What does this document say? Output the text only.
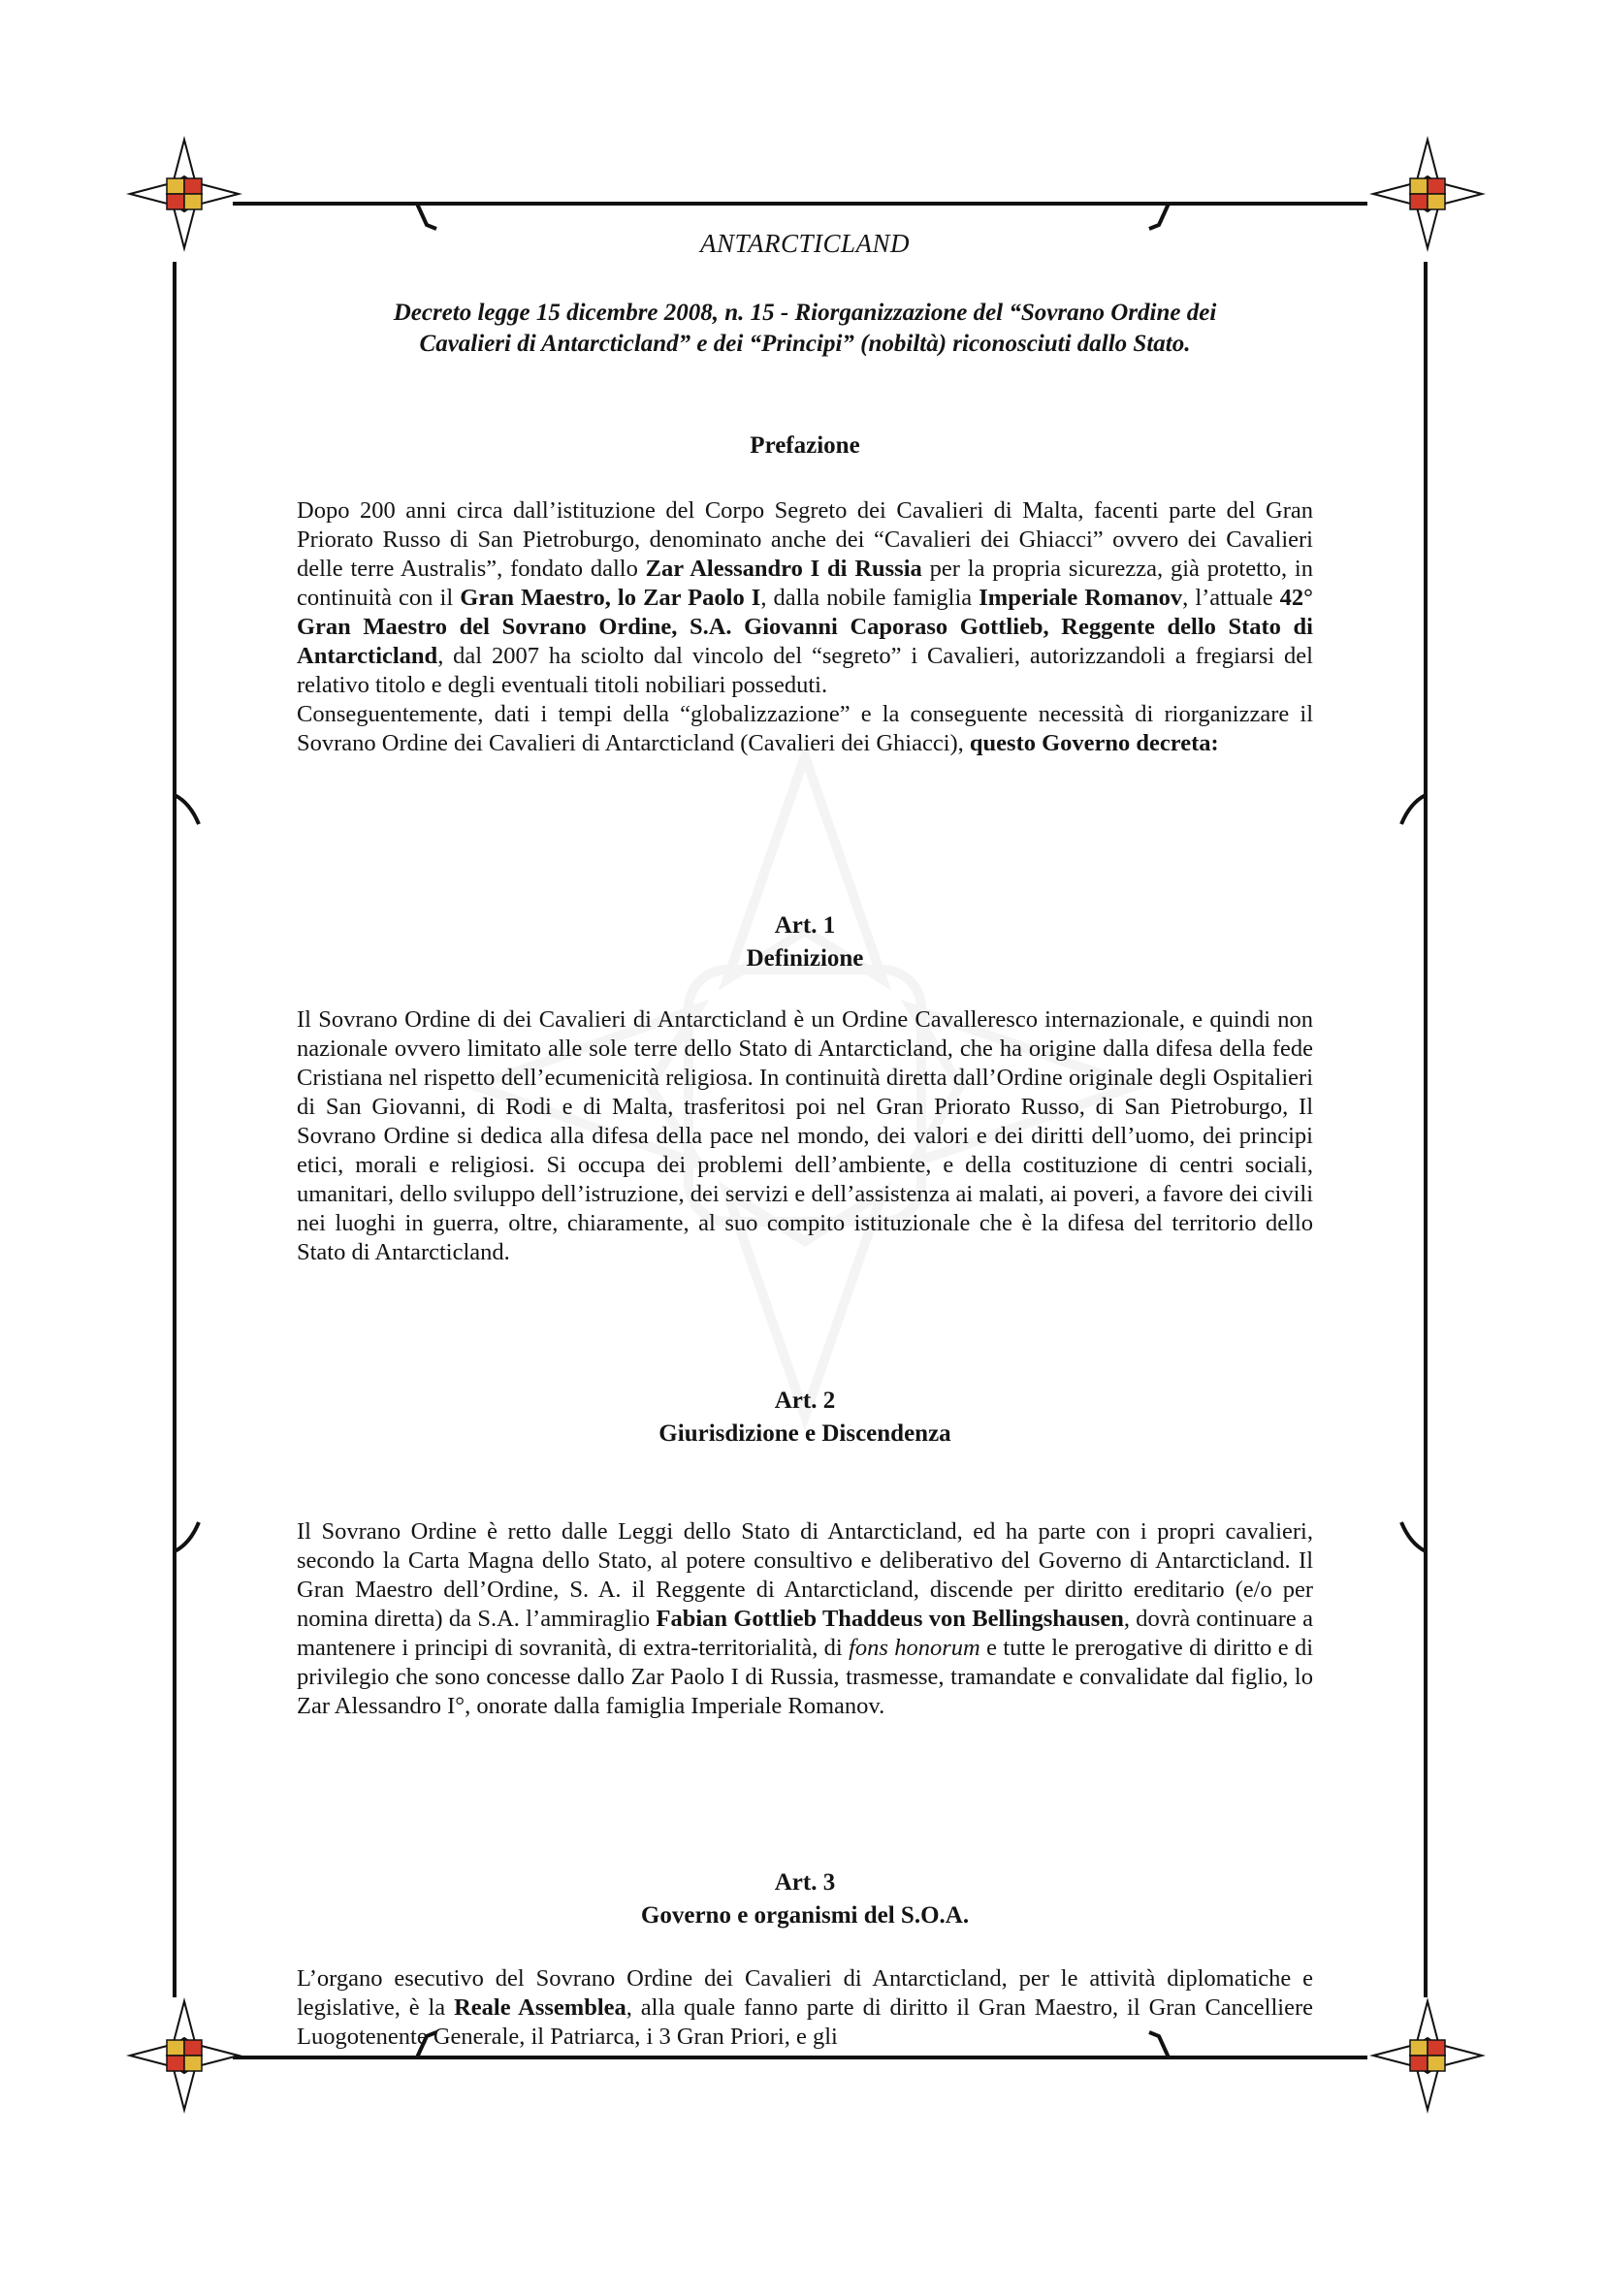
ANTARCTICLAND
Decreto legge 15 dicembre 2008, n. 15 - Riorganizzazione del “Sovrano Ordine dei
Cavalieri di Antarcticland” e dei “Principi” (nobiltà) riconosciuti dallo Stato.
Prefazione

Dopo 200 anni circa dall’istituzione del Corpo Segreto dei Cavalieri di Malta, facenti parte del Gran Priorato Russo di San Pietroburgo, denominato anche dei “Cavalieri dei Ghiacci” ovvero dei Cavalieri delle terre Australis”, fondato dallo Zar Alessandro I di Russia per la propria sicurezza, già protetto, in continuità con il Gran Maestro, lo Zar Paolo I, dalla nobile famiglia Imperiale Romanov, l’attuale 42° Gran Maestro del Sovrano Ordine, S.A. Giovanni Caporaso Gottlieb, Reggente dello Stato di Antarcticland, dal 2007 ha sciolto dal vincolo del “segreto” i Cavalieri, autorizzandoli a fregiarsi del relativo titolo e degli eventuali titoli nobiliari posseduti.

Conseguentemente, dati i tempi della “globalizzazione” e la conseguente necessità di riorganizzare il Sovrano Ordine dei Cavalieri di Antarcticland (Cavalieri dei Ghiacci), questo Governo decreta:

Art. 1
Definizione
Il Sovrano Ordine di dei Cavalieri di Antarcticland è un Ordine Cavalleresco internazionale, e quindi non nazionale ovvero limitato alle sole terre dello Stato di Antarcticland, che ha origine dalla difesa della fede Cristiana nel rispetto dell’ecumenicità religiosa. In continuità diretta dall’Ordine originale degli Ospitalieri di San Giovanni, di Rodi e di Malta, trasferitosi poi nel Gran Priorato Russo, di San Pietroburgo, Il Sovrano Ordine si dedica alla difesa della pace nel mondo, dei valori e dei diritti dell’uomo, dei principi etici, morali e religiosi. Si occupa dei problemi dell’ambiente, e della costituzione di centri sociali, umanitari, dello sviluppo dell’istruzione, dei servizi e dell’assistenza ai malati, ai poveri, a favore dei civili nei luoghi in guerra, oltre, chiaramente, al suo compito istituzionale che è la difesa del territorio dello Stato di Antarcticland.
Art. 2
Giurisdizione e Discendenza
Il Sovrano Ordine è retto dalle Leggi dello Stato di Antarcticland, ed ha parte con i propri cavalieri, secondo la Carta Magna dello Stato, al potere consultivo e deliberativo del Governo di Antarcticland. Il Gran Maestro dell’Ordine, S. A. il Reggente di Antarcticland, discende per diritto ereditario (e/o per nomina diretta) da S.A. l’ammiraglio Fabian Gottlieb Thaddeus von Bellingshausen, dovrà continuare a mantenere i principi di sovranità, di extra-territorialità, di fons honorum e tutte le prerogative di diritto e di privilegio che sono concesse dallo Zar Paolo I di Russia, trasmesse, tramandate e convalidate dal figlio, lo Zar Alessandro I°, onorate dalla famiglia Imperiale Romanov.
Art. 3
Governo e organismi del S.O.A.
L’organo esecutivo del Sovrano Ordine dei Cavalieri di Antarcticland, per le attività diplomatiche e legislative, è la Reale Assemblea, alla quale fanno parte di diritto il Gran Maestro, il Gran Cancelliere Luogotenente Generale, il Patriarca, i 3 Gran Priori, e gli
